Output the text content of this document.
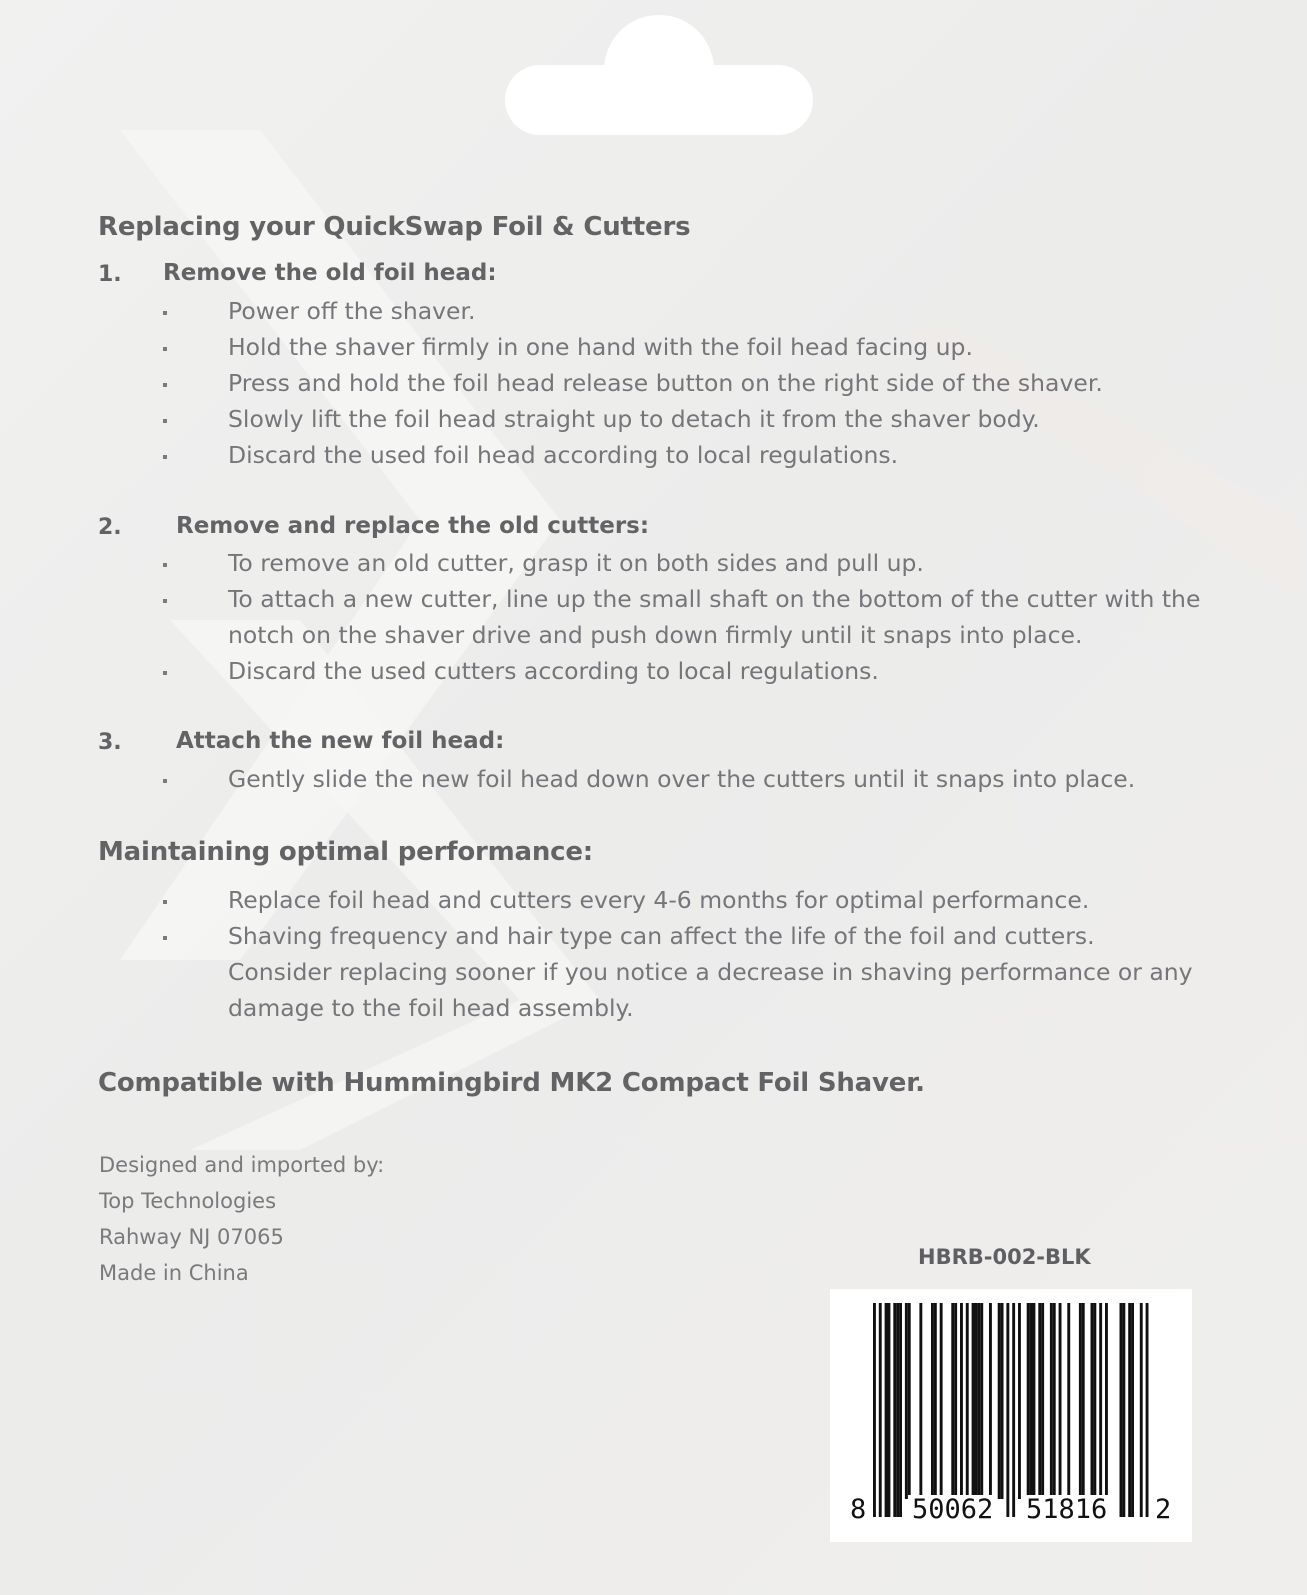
Replacing your QuickSwap Foil & Cutters
1. Remove the old foil head:
Power off the shaver.
Hold the shaver firmly in one hand with the foil head facing up.
Press and hold the foil head release button on the right side of the shaver.
Slowly lift the foil head straight up to detach it from the shaver body.
Discard the used foil head according to local regulations.
2. Remove and replace the old cutters:
To remove an old cutter, grasp it on both sides and pull up.
To attach a new cutter, line up the small shaft on the bottom of the cutter with the
notch on the shaver drive and push down firmly until it snaps into place.
Discard the used cutters according to local regulations.
3. Attach the new foil head:
Gently slide the new foil head down over the cutters until it snaps into place.
Maintaining optimal performance:
Replace foil head and cutters every 4-6 months for optimal performance.
Shaving frequency and hair type can affect the life of the foil and cutters.
Consider replacing sooner if you notice a decrease in shaving performance or any
damage to the foil head assembly.
Compatible with Hummingbird MK2 Compact Foil Shaver.
Designed and imported by:
Top Technologies
Rahway NJ 07065
Made in China
HBRB-002-BLK
8 50062 51816 2
